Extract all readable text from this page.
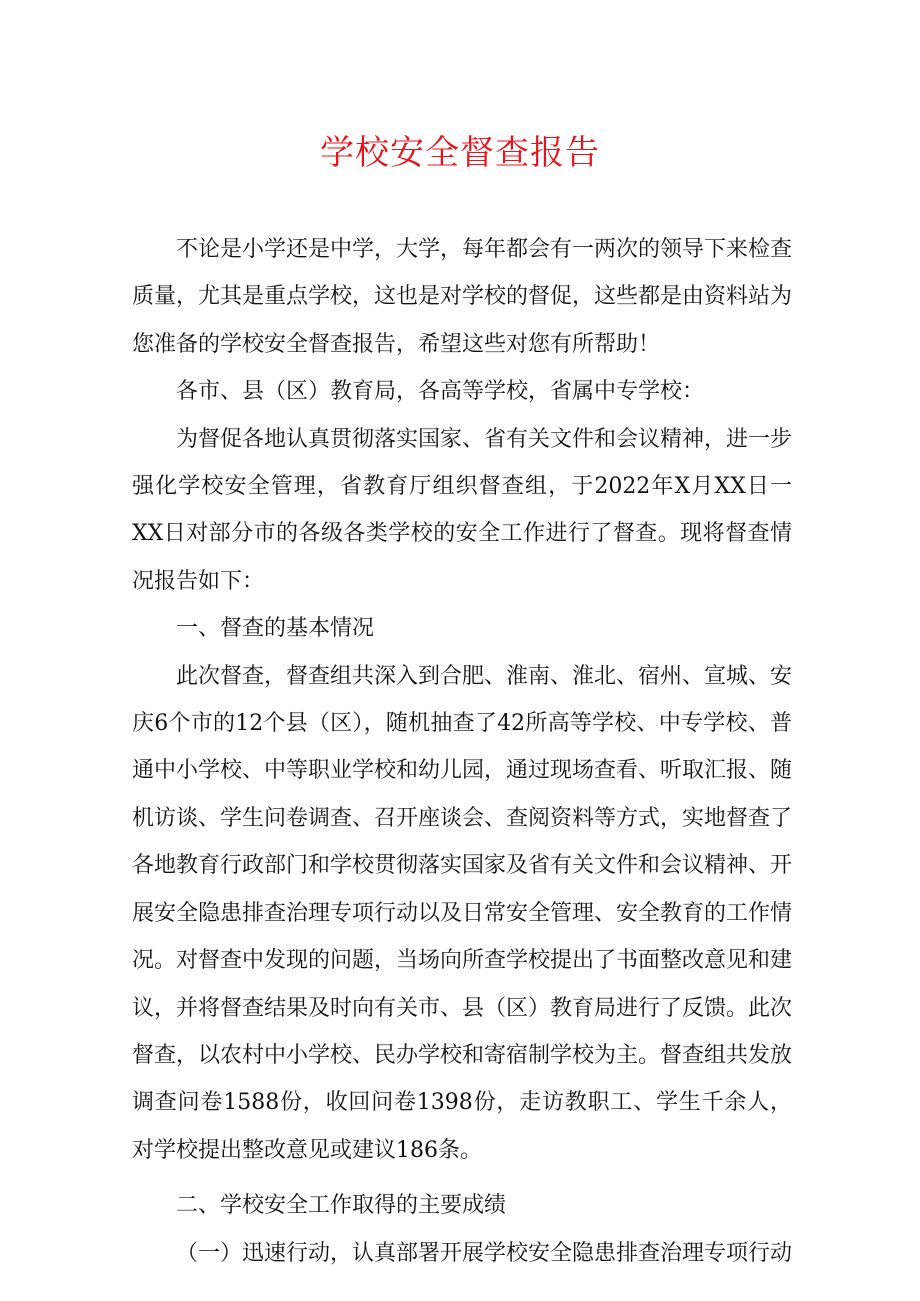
学校安全督查报告

不论是小学还是中学，大学，每年都会有一两次的领导下来检查质量，尤其是重点学校，这也是对学校的督促，这些都是由资料站为您准备的学校安全督查报告，希望这些对您有所帮助！

各市、县（区）教育局，各高等学校，省属中专学校：

为督促各地认真贯彻落实国家、省有关文件和会议精神，进一步强化学校安全管理，省教育厅组织督查组，于2022年X月XX日一XX日对部分市的各级各类学校的安全工作进行了督查。现将督查情况报告如下：

一、督查的基本情况

此次督查，督查组共深入到合肥、淮南、淮北、宿州、宣城、安庆6个市的12个县（区），随机抽查了42所高等学校、中专学校、普通中小学校、中等职业学校和幼儿园，通过现场查看、听取汇报、随机访谈、学生问卷调查、召开座谈会、查阅资料等方式，实地督查了各地教育行政部门和学校贯彻落实国家及省有关文件和会议精神、开展安全隐患排查治理专项行动以及日常安全管理、安全教育的工作情况。对督查中发现的问题，当场向所查学校提出了书面整改意见和建议，并将督查结果及时向有关市、县（区）教育局进行了反馈。此次督查，以农村中小学校、民办学校和寄宿制学校为主。督查组共发放调查问卷1588份，收回问卷1398份，走访教职工、学生千余人，对学校提出整改意见或建议186条。

二、学校安全工作取得的主要成绩

（一）迅速行动，认真部署开展学校安全隐患排查治理专项行动
